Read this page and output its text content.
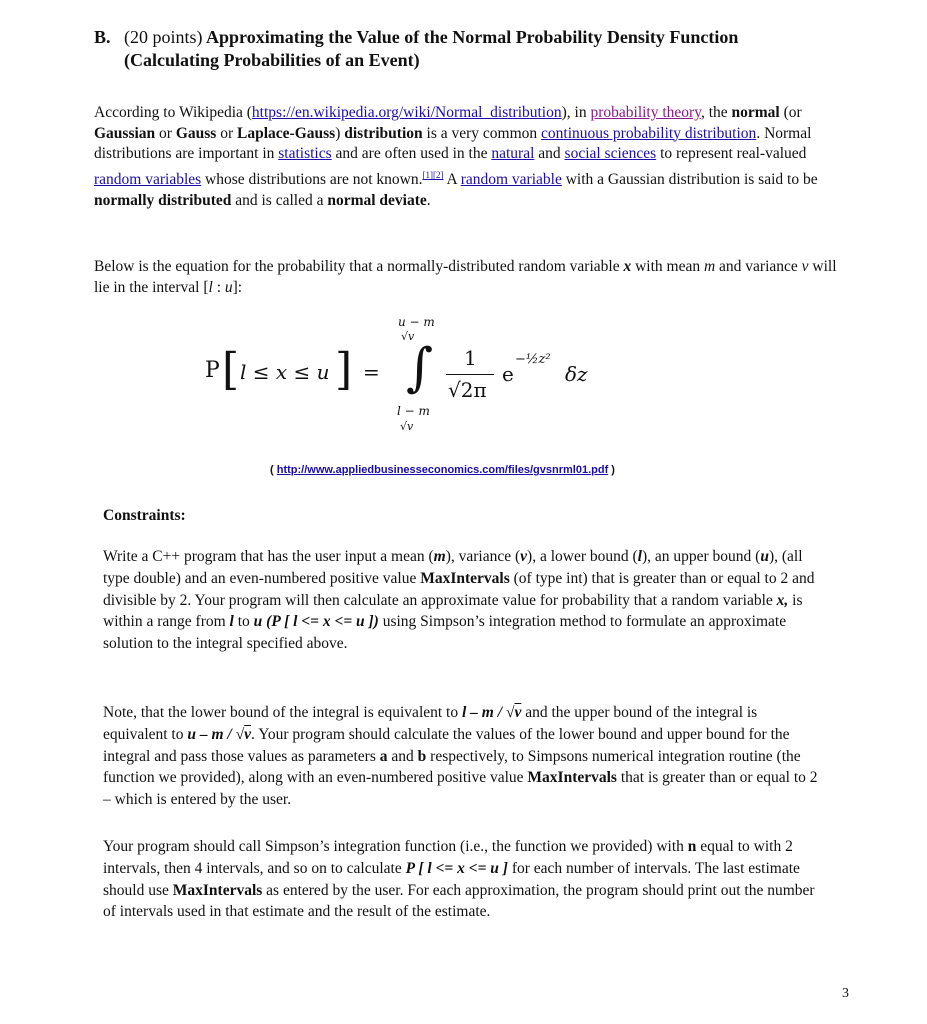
B. (20 points) Approximating the Value of the Normal Probability Density Function
(Calculating Probabilities of an Event)
According to Wikipedia (https://en.wikipedia.org/wiki/Normal_distribution), in probability theory, the normal (or Gaussian or Gauss or Laplace-Gauss) distribution is a very common continuous probability distribution. Normal distributions are important in statistics and are often used in the natural and social sciences to represent real-valued random variables whose distributions are not known.[1][2] A random variable with a Gaussian distribution is said to be normally distributed and is called a normal deviate.
Below is the equation for the probability that a normally-distributed random variable x with mean m and variance v will lie in the interval [l : u]:
P [ l ≤ x ≤ u ] =
u − m
√v
∫
l − m
√v
1
√2π
e
−½z²
δz
( http://www.appliedbusinesseconomics.com/files/gvsnrml01.pdf )
Constraints:
Write a C++ program that has the user input a mean (m), variance (v), a lower bound (l), an upper bound (u), (all type double) and an even-numbered positive value MaxIntervals (of type int) that is greater than or equal to 2 and divisible by 2. Your program will then calculate an approximate value for probability that a random variable x, is within a range from l to u (P [ l <= x <= u ]) using Simpson’s integration method to formulate an approximate solution to the integral specified above.
Note, that the lower bound of the integral is equivalent to l – m / √v and the upper bound of the integral is equivalent to u – m / √v. Your program should calculate the values of the lower bound and upper bound for the integral and pass those values as parameters a and b respectively, to Simpsons numerical integration routine (the function we provided), along with an even-numbered positive value MaxIntervals that is greater than or equal to 2 – which is entered by the user.
Your program should call Simpson’s integration function (i.e., the function we provided) with n equal to with 2 intervals, then 4 intervals, and so on to calculate P [ l <= x <= u ] for each number of intervals. The last estimate should use MaxIntervals as entered by the user. For each approximation, the program should print out the number of intervals used in that estimate and the result of the estimate.
3
